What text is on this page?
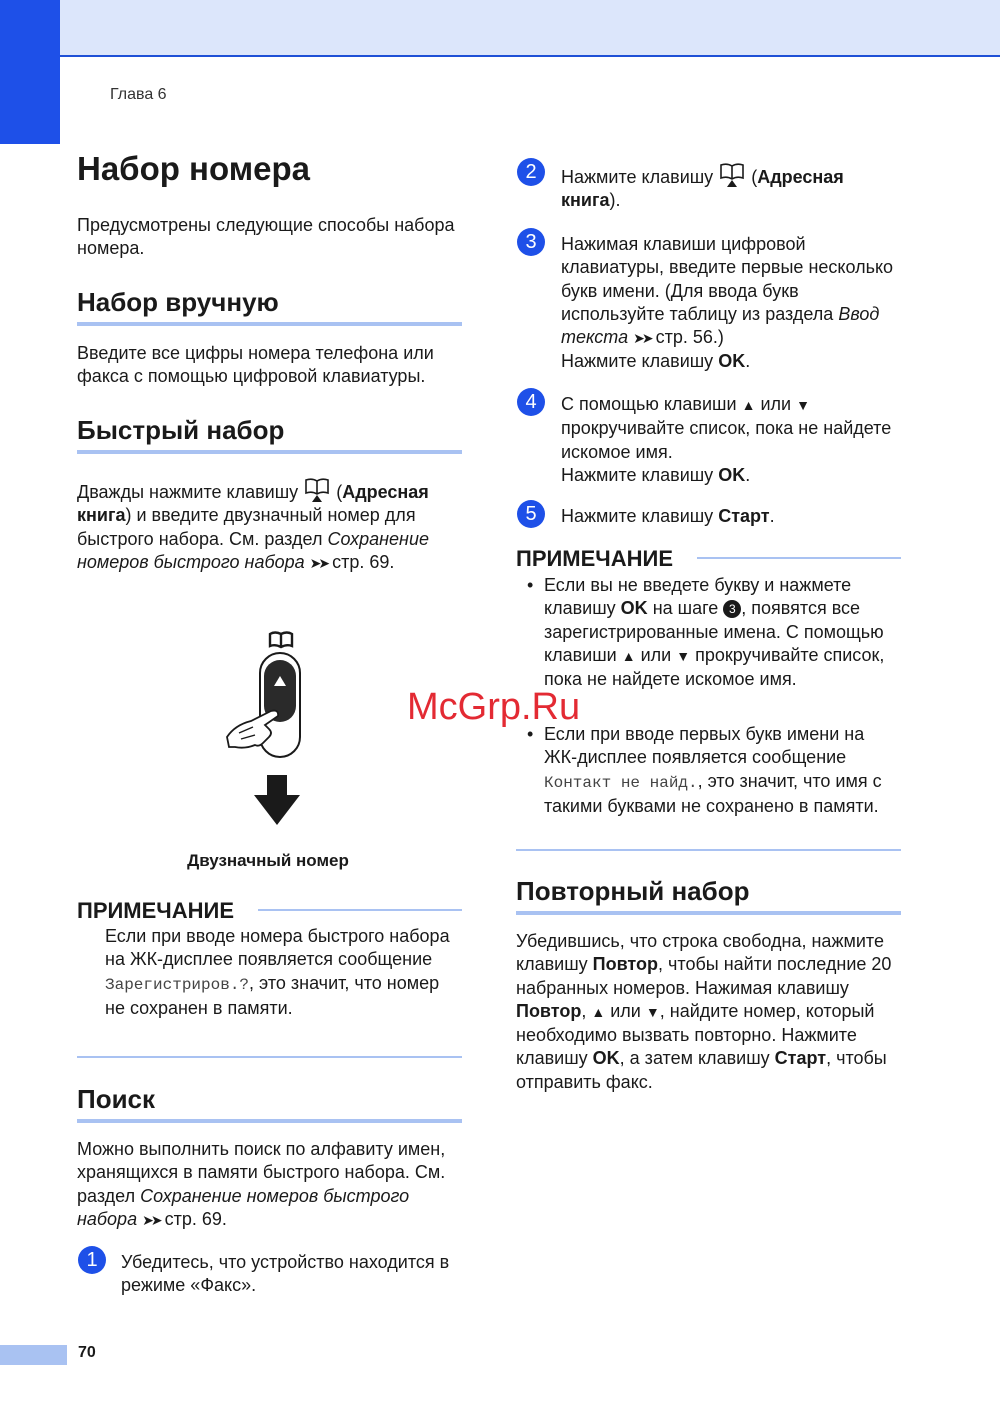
Глава 6
Набор номера
Предусмотрены следующие способы набора номера.
Набор вручную
Введите все цифры номера телефона или факса с помощью цифровой клавиатуры.
Быстрый набор
Дважды нажмите клавишу (Адресная книга) и введите двузначный номер для быстрого набора. См. раздел Сохранение номеров быстрого набора ➤➤ стр. 69.
Двузначный номер
ПРИМЕЧАНИЕ
Если при вводе номера быстрого набора на ЖК-дисплее появляется сообщение Зарегистриров.?, это значит, что номер не сохранен в памяти.
Поиск
Можно выполнить поиск по алфавиту имен, хранящихся в памяти быстрого набора. См. раздел Сохранение номеров быстрого набора ➤➤ стр. 69.
1	Убедитесь, что устройство находится в режиме «Факс».
2	Нажмите клавишу (Адресная книга).
3	Нажимая клавиши цифровой клавиатуры, введите первые несколько букв имени. (Для ввода букв используйте таблицу из раздела Ввод текста ➤➤ стр. 56.)
Нажмите клавишу OK.
4	С помощью клавиши ▲ или ▼ прокручивайте список, пока не найдете искомое имя.
Нажмите клавишу OK.
5	Нажмите клавишу Старт.
ПРИМЕЧАНИЕ
• Если вы не введете букву и нажмете клавишу OK на шаге 3 , появятся все зарегистрированные имена. С помощью клавиши ▲ или ▼ прокручивайте список, пока не найдете искомое имя.
• Если при вводе первых букв имени на ЖК-дисплее появляется сообщение Контакт не найд., это значит, что имя с такими буквами не сохранено в памяти.
Повторный набор
Убедившись, что строка свободна, нажмите клавишу Повтор, чтобы найти последние 20 набранных номеров. Нажимая клавишу Повтор, ▲ или ▼, найдите номер, который необходимо вызвать повторно. Нажмите клавишу OK, а затем клавишу Старт, чтобы отправить факс.
70
McGrp.Ru
